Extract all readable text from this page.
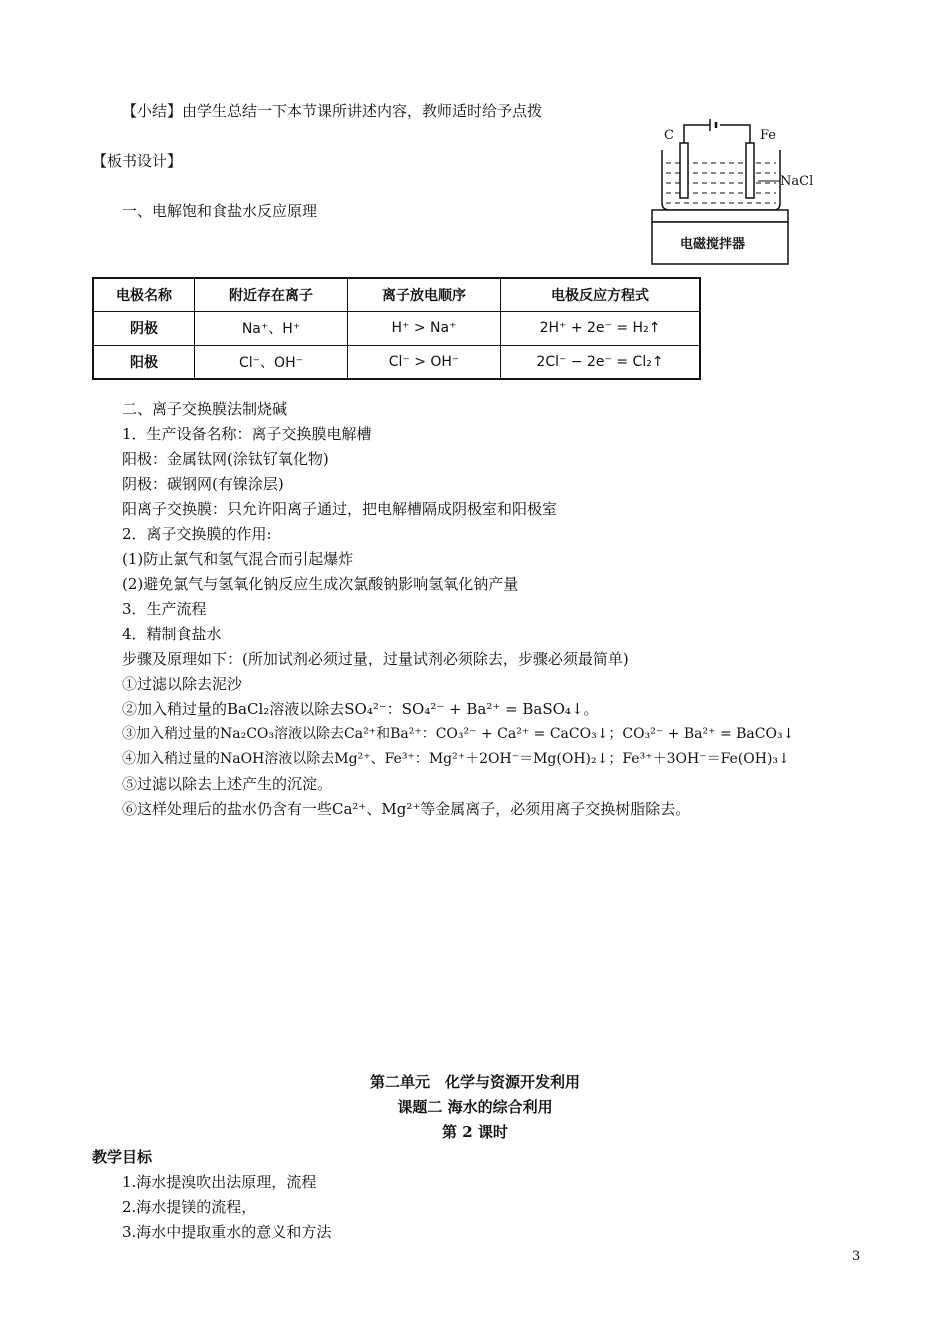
【小结】由学生总结一下本节课所讲述内容，教师适时给予点拨
【板书设计】
一、电解饱和食盐水反应原理
C	Fe
NaCl
电磁搅拌器
电极名称	附近存在离子	离子放电顺序	电极反应方程式
阴极	Na⁺、H⁺	H⁺ > Na⁺	2H⁺ + 2e⁻ = H₂↑
阳极	Cl⁻、OH⁻	Cl⁻ > OH⁻	2Cl⁻ − 2e⁻ = Cl₂↑
二、离子交换膜法制烧碱
1．生产设备名称：离子交换膜电解槽
阳极：金属钛网(涂钛钌氧化物)
阴极：碳钢网(有镍涂层)
阳离子交换膜：只允许阳离子通过，把电解槽隔成阴极室和阳极室
2．离子交换膜的作用:
(1)防止氯气和氢气混合而引起爆炸
(2)避免氯气与氢氧化钠反应生成次氯酸钠影响氢氧化钠产量
3．生产流程
4．精制食盐水
步骤及原理如下：(所加试剂必须过量，过量试剂必须除去，步骤必须最简单)
①过滤以除去泥沙
②加入稍过量的BaCl₂溶液以除去SO₄²⁻：SO₄²⁻ + Ba²⁺ = BaSO₄↓。
③加入稍过量的Na₂CO₃溶液以除去Ca²⁺和Ba²⁺：CO₃²⁻ + Ca²⁺ = CaCO₃↓；CO₃²⁻ + Ba²⁺ = BaCO₃↓
④加入稍过量的NaOH溶液以除去Mg²⁺、Fe³⁺：Mg²⁺＋2OH⁻＝Mg(OH)₂↓；Fe³⁺＋3OH⁻＝Fe(OH)₃↓
⑤过滤以除去上述产生的沉淀。
⑥这样处理后的盐水仍含有一些Ca²⁺、Mg²⁺等金属离子，必须用离子交换树脂除去。
第二单元　化学与资源开发利用
课题二 海水的综合利用
第 2 课时
教学目标
1.海水提溴吹出法原理，流程
2.海水提镁的流程，
3.海水中提取重水的意义和方法
3
